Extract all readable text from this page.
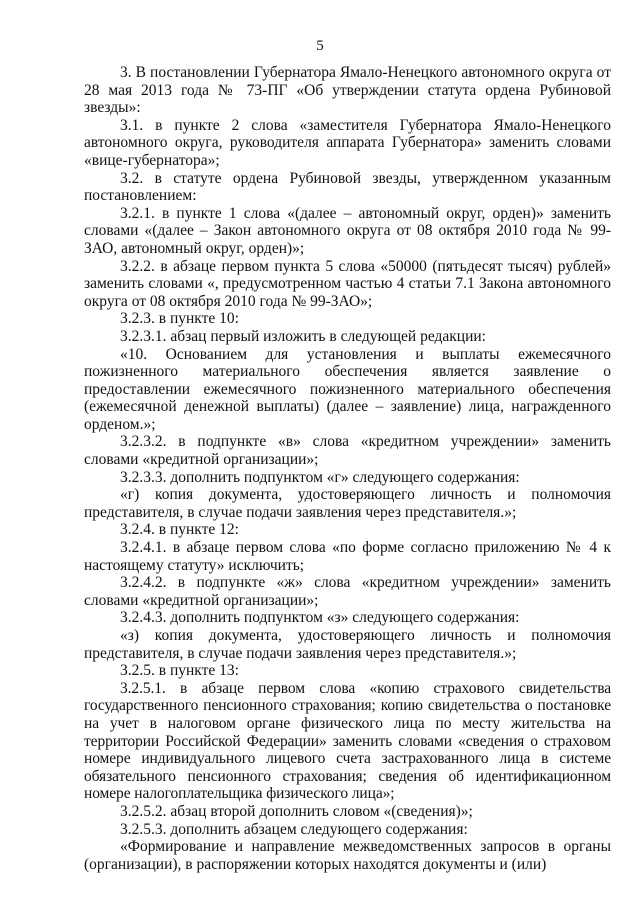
5

3. В постановлении Губернатора Ямало-Ненецкого автономного округа от 28 мая 2013 года № 73-ПГ «Об утверждении статута ордена Рубиновой звезды»:

3.1. в пункте 2 слова «заместителя Губернатора Ямало-Ненецкого автономного округа, руководителя аппарата Губернатора» заменить словами «вице-губернатора»;

3.2. в статуте ордена Рубиновой звезды, утвержденном указанным постановлением:

3.2.1. в пункте 1 слова «(далее – автономный округ, орден)» заменить словами «(далее – Закон автономного округа от 08 октября 2010 года № 99-ЗАО, автономный округ, орден)»;

3.2.2. в абзаце первом пункта 5 слова «50000 (пятьдесят тысяч) рублей» заменить словами «, предусмотренном частью 4 статьи 7.1 Закона автономного округа от 08 октября 2010 года № 99-ЗАО»;

3.2.3. в пункте 10:

3.2.3.1. абзац первый изложить в следующей редакции:

«10. Основанием для установления и выплаты ежемесячного пожизненного материального обеспечения является заявление о предоставлении ежемесячного пожизненного материального обеспечения (ежемесячной денежной выплаты) (далее – заявление) лица, награжденного орденом.»;

3.2.3.2. в подпункте «в» слова «кредитном учреждении» заменить словами «кредитной организации»;

3.2.3.3. дополнить подпунктом «г» следующего содержания:

«г) копия документа, удостоверяющего личность и полномочия представителя, в случае подачи заявления через представителя.»;

3.2.4. в пункте 12:

3.2.4.1. в абзаце первом слова «по форме согласно приложению № 4 к настоящему статуту» исключить;

3.2.4.2. в подпункте «ж» слова «кредитном учреждении» заменить словами «кредитной организации»;

3.2.4.3. дополнить подпунктом «з» следующего содержания:

«з) копия документа, удостоверяющего личность и полномочия представителя, в случае подачи заявления через представителя.»;

3.2.5. в пункте 13:

3.2.5.1. в абзаце первом слова «копию страхового свидетельства государственного пенсионного страхования; копию свидетельства о постановке на учет в налоговом органе физического лица по месту жительства на территории Российской Федерации» заменить словами «сведения о страховом номере индивидуального лицевого счета застрахованного лица в системе обязательного пенсионного страхования; сведения об идентификационном номере налогоплательщика физического лица»;

3.2.5.2. абзац второй дополнить словом «(сведения)»;

3.2.5.3. дополнить абзацем следующего содержания:

«Формирование и направление межведомственных запросов в органы (организации), в распоряжении которых находятся документы и (или)
